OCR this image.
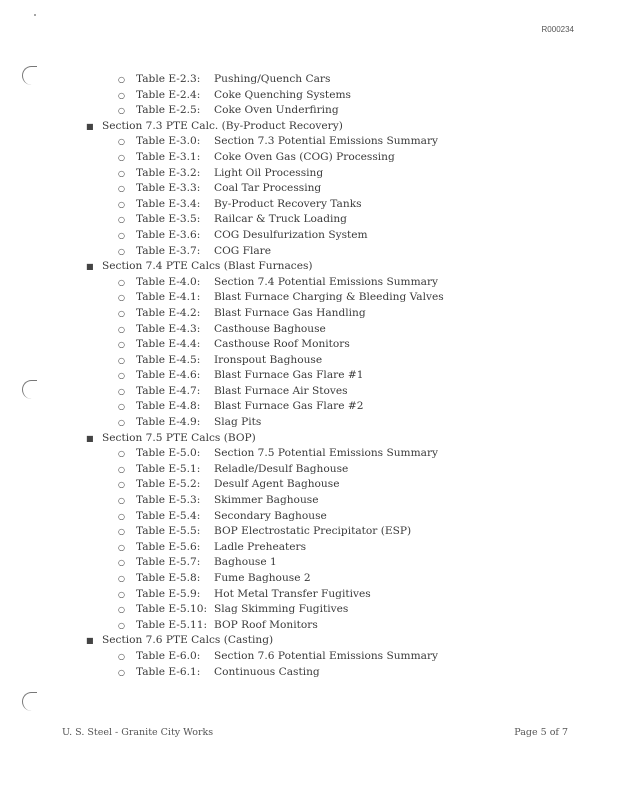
R000234
○ Table E-2.3: Pushing/Quench Cars
○ Table E-2.4: Coke Quenching Systems
○ Table E-2.5: Coke Oven Underfiring
■ Section 7.3 PTE Calc. (By-Product Recovery)
○ Table E-3.0: Section 7.3 Potential Emissions Summary
○ Table E-3.1: Coke Oven Gas (COG) Processing
○ Table E-3.2: Light Oil Processing
○ Table E-3.3: Coal Tar Processing
○ Table E-3.4: By-Product Recovery Tanks
○ Table E-3.5: Railcar & Truck Loading
○ Table E-3.6: COG Desulfurization System
○ Table E-3.7: COG Flare
■ Section 7.4 PTE Calcs (Blast Furnaces)
○ Table E-4.0: Section 7.4 Potential Emissions Summary
○ Table E-4.1: Blast Furnace Charging & Bleeding Valves
○ Table E-4.2: Blast Furnace Gas Handling
○ Table E-4.3: Casthouse Baghouse
○ Table E-4.4: Casthouse Roof Monitors
○ Table E-4.5: Ironspout Baghouse
○ Table E-4.6: Blast Furnace Gas Flare #1
○ Table E-4.7: Blast Furnace Air Stoves
○ Table E-4.8: Blast Furnace Gas Flare #2
○ Table E-4.9: Slag Pits
■ Section 7.5 PTE Calcs (BOP)
○ Table E-5.0: Section 7.5 Potential Emissions Summary
○ Table E-5.1: Reladle/Desulf Baghouse
○ Table E-5.2: Desulf Agent Baghouse
○ Table E-5.3: Skimmer Baghouse
○ Table E-5.4: Secondary Baghouse
○ Table E-5.5: BOP Electrostatic Precipitator (ESP)
○ Table E-5.6: Ladle Preheaters
○ Table E-5.7: Baghouse 1
○ Table E-5.8: Fume Baghouse 2
○ Table E-5.9: Hot Metal Transfer Fugitives
○ Table E-5.10: Slag Skimming Fugitives
○ Table E-5.11: BOP Roof Monitors
■ Section 7.6 PTE Calcs (Casting)
○ Table E-6.0: Section 7.6 Potential Emissions Summary
○ Table E-6.1: Continuous Casting
U. S. Steel - Granite City Works	Page 5 of 7
